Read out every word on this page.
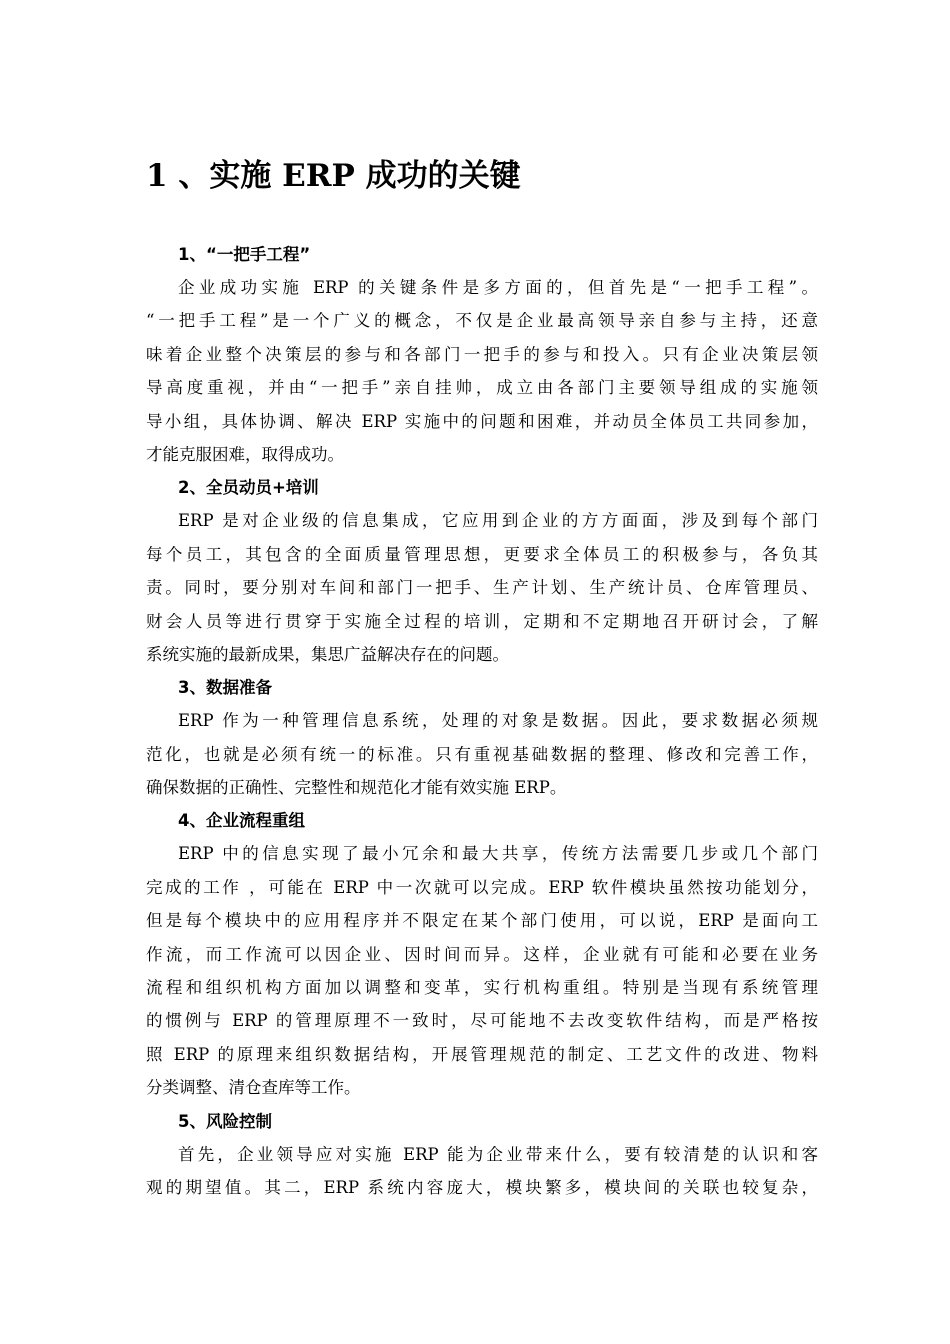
1 、实施 ERP 成功的关键
1、“一把手工程”

企业成功实施 ERP 的关键条件是多方面的，但首先是“一把手工程”。
“一把手工程”是一个广义的概念，不仅是企业最高领导亲自参与主持，还意
味着企业整个决策层的参与和各部门一把手的参与和投入。只有企业决策层领
导高度重视，并由“一把手”亲自挂帅，成立由各部门主要领导组成的实施领
导小组，具体协调、解决 ERP 实施中的问题和困难，并动员全体员工共同参加，
才能克服困难，取得成功。

2、全员动员+培训

ERP 是对企业级的信息集成，它应用到企业的方方面面，涉及到每个部门
每个员工，其包含的全面质量管理思想，更要求全体员工的积极参与，各负其
责。同时，要分别对车间和部门一把手、生产计划、生产统计员、仓库管理员、
财会人员等进行贯穿于实施全过程的培训，定期和不定期地召开研讨会，了解
系统实施的最新成果，集思广益解决存在的问题。

3、数据准备

ERP 作为一种管理信息系统，处理的对象是数据。因此，要求数据必须规
范化，也就是必须有统一的标准。只有重视基础数据的整理、修改和完善工作，
确保数据的正确性、完整性和规范化才能有效实施 ERP。

4、企业流程重组

ERP 中的信息实现了最小冗余和最大共享，传统方法需要几步或几个部门
完成的工作 ，可能在 ERP 中一次就可以完成。ERP 软件模块虽然按功能划分，
但是每个模块中的应用程序并不限定在某个部门使用，可以说，ERP 是面向工
作流，而工作流可以因企业、因时间而异。这样，企业就有可能和必要在业务
流程和组织机构方面加以调整和变革，实行机构重组。特别是当现有系统管理
的惯例与 ERP 的管理原理不一致时，尽可能地不去改变软件结构，而是严格按
照 ERP 的原理来组织数据结构，开展管理规范的制定、工艺文件的改进、物料
分类调整、清仓查库等工作。

5、风险控制

首先，企业领导应对实施 ERP 能为企业带来什么，要有较清楚的认识和客
观的期望值。其二，ERP 系统内容庞大，模块繁多，模块间的关联也较复杂，
